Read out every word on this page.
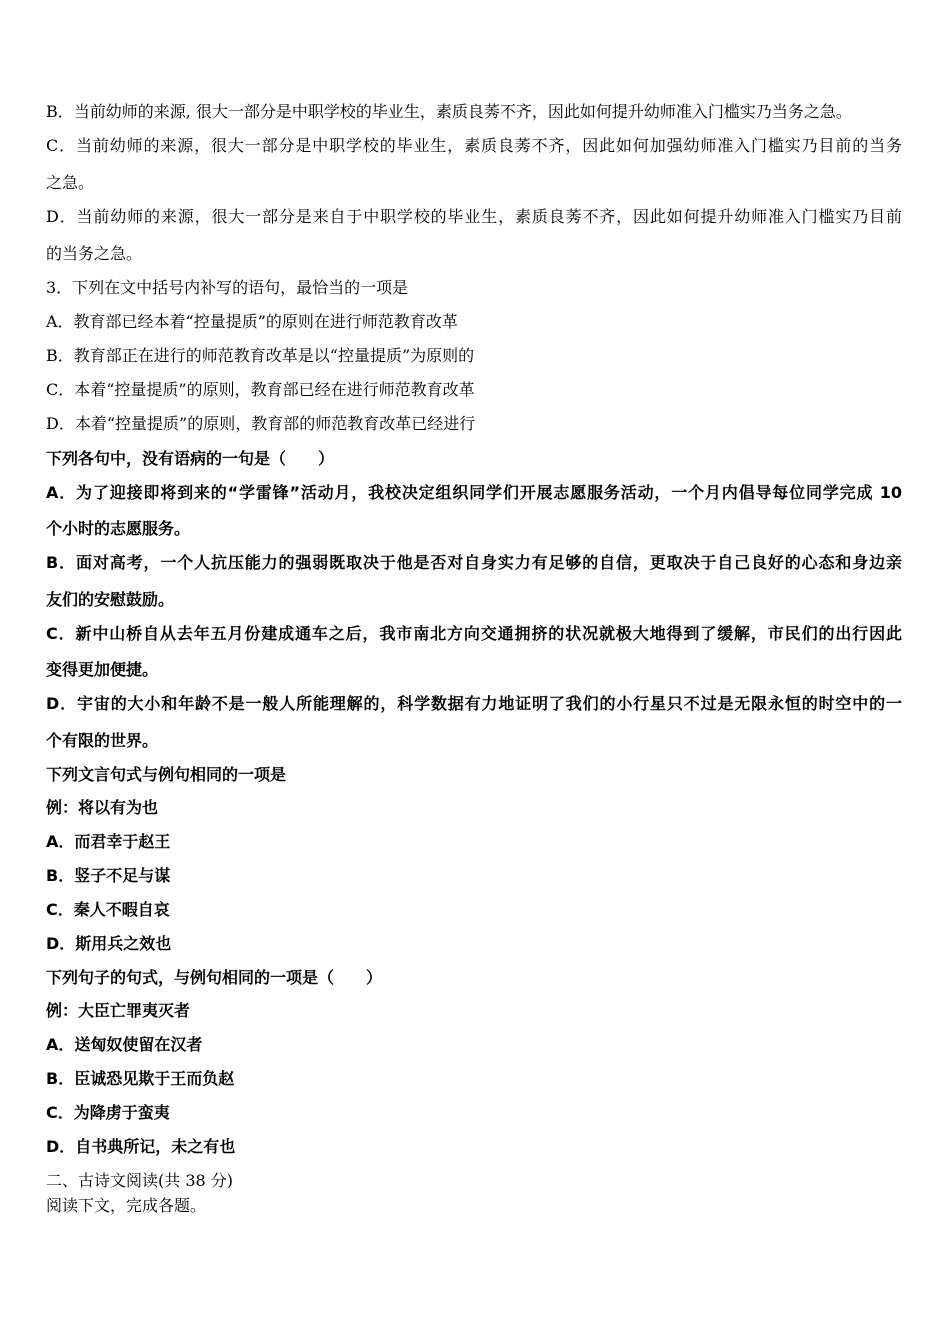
B．当前幼师的来源, 很大一部分是中职学校的毕业生，素质良莠不齐，因此如何提升幼师准入门槛实乃当务之急。
C．当前幼师的来源，很大一部分是中职学校的毕业生，素质良莠不齐，因此如何加强幼师准入门槛实乃目前的当务
之急。
D．当前幼师的来源，很大一部分是来自于中职学校的毕业生，素质良莠不齐，因此如何提升幼师准入门槛实乃目前
的当务之急。
3．下列在文中括号内补写的语句，最恰当的一项是
A．教育部已经本着“控量提质”的原则在进行师范教育改革
B．教育部正在进行的师范教育改革是以“控量提质”为原则的
C．本着“控量提质”的原则，教育部已经在进行师范教育改革
D．本着“控量提质”的原则，教育部的师范教育改革已经进行
下列各句中，没有语病的一句是（　　）
A．为了迎接即将到来的“学雷锋”活动月，我校决定组织同学们开展志愿服务活动，一个月内倡导每位同学完成 10
个小时的志愿服务。
B．面对高考，一个人抗压能力的强弱既取决于他是否对自身实力有足够的自信，更取决于自己良好的心态和身边亲
友们的安慰鼓励。
C．新中山桥自从去年五月份建成通车之后，我市南北方向交通拥挤的状况就极大地得到了缓解，市民们的出行因此
变得更加便捷。
D．宇宙的大小和年龄不是一般人所能理解的，科学数据有力地证明了我们的小行星只不过是无限永恒的时空中的一
个有限的世界。
下列文言句式与例句相同的一项是
例：将以有为也
A．而君幸于赵王
B．竖子不足与谋
C．秦人不暇自哀
D．斯用兵之效也
下列句子的句式，与例句相同的一项是（　　）
例：大臣亡罪夷灭者
A．送匈奴使留在汉者
B．臣诚恐见欺于王而负赵
C．为降虏于蛮夷
D．自书典所记，未之有也
二、古诗文阅读(共 38 分)
阅读下文，完成各题。
